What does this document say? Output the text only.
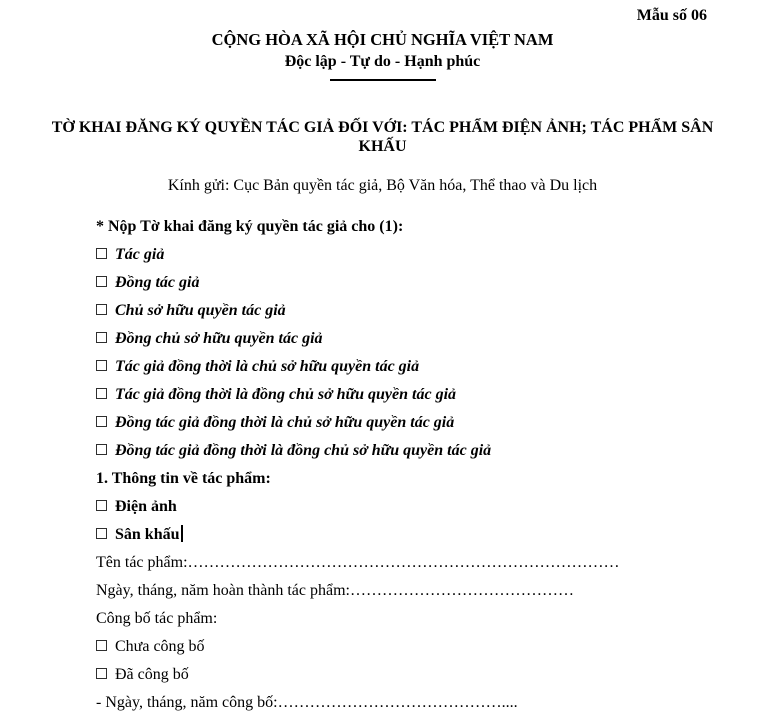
Mẫu số 06
CỘNG HÒA XÃ HỘI CHỦ NGHĨA VIỆT NAM
Độc lập - Tự do - Hạnh phúc
TỜ KHAI ĐĂNG KÝ QUYỀN TÁC GIẢ ĐỐI VỚI: TÁC PHẨM ĐIỆN ẢNH; TÁC PHẨM SÂN KHẤU
Kính gửi: Cục Bản quyền tác giả, Bộ Văn hóa, Thể thao và Du lịch
* Nộp Tờ khai đăng ký quyền tác giả cho (1):
Tác giả
Đồng tác giả
Chủ sở hữu quyền tác giả
Đồng chủ sở hữu quyền tác giả
Tác giả đồng thời là chủ sở hữu quyền tác giả
Tác giả đồng thời là đồng chủ sở hữu quyền tác giả
Đồng tác giả đồng thời là chủ sở hữu quyền tác giả
Đồng tác giả đồng thời là đồng chủ sở hữu quyền tác giả
1. Thông tin về tác phẩm:
Điện ảnh
Sân khấu
Tên tác phẩm:………………………………………………………………………
Ngày, tháng, năm hoàn thành tác phẩm:……………………………………
Công bố tác phẩm:
Chưa công bố
Đã công bố
- Ngày, tháng, năm công bố:……………………………………....
